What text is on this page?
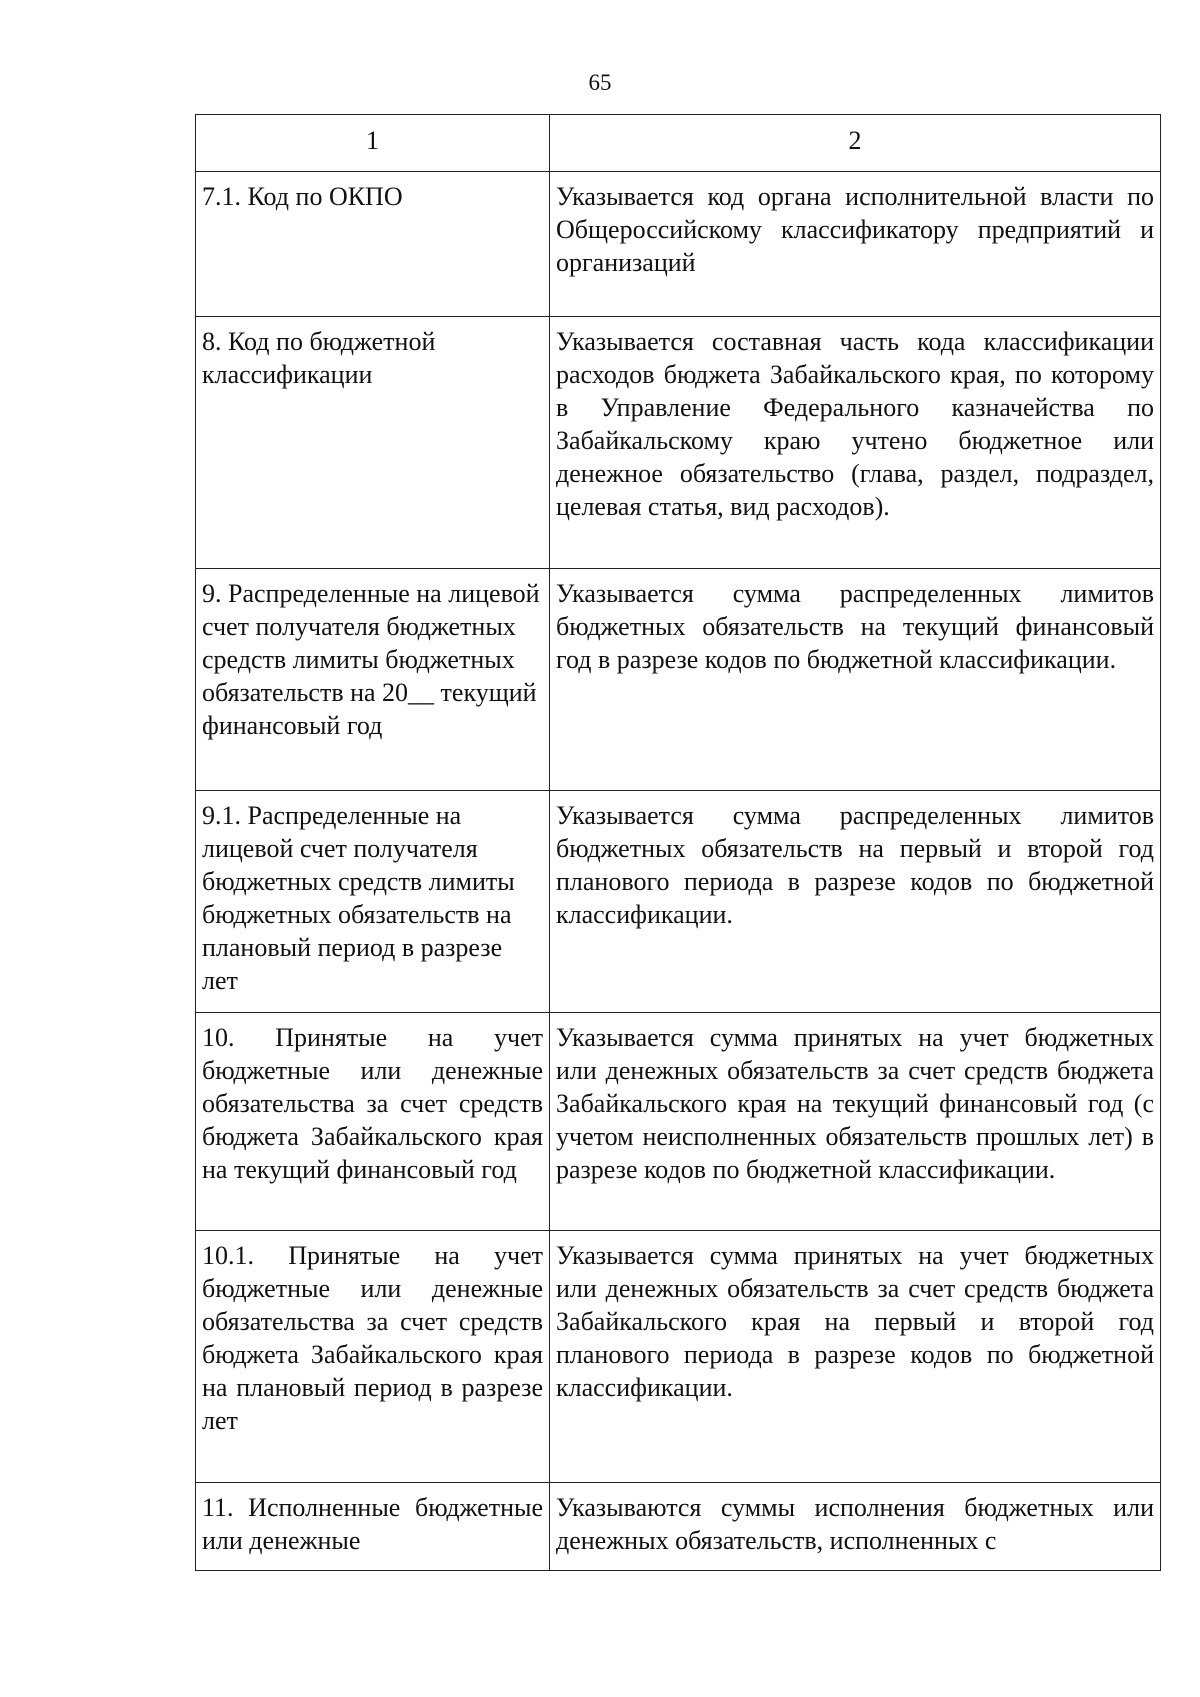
65
1	2
7.1. Код по ОКПО	Указывается код органа исполнительной власти по Общероссийскому классификатору предприятий и организаций
8. Код по бюджетной классификации	Указывается составная часть кода классификации расходов бюджета Забайкальского края, по которому в Управление Федерального казначейства по Забайкальскому краю учтено бюджетное или денежное обязательство (глава, раздел, подраздел, целевая статья, вид расходов).
9. Распределенные на лицевой счет получателя бюджетных средств лимиты бюджетных обязательств на 20__ текущий финансовый год	Указывается сумма распределенных лимитов бюджетных обязательств на текущий финансовый год в разрезе кодов по бюджетной классификации.
9.1. Распределенные на лицевой счет получателя бюджетных средств лимиты бюджетных обязательств на плановый период в разрезе лет	Указывается сумма распределенных лимитов бюджетных обязательств на первый и второй год планового периода в разрезе кодов по бюджетной классификации.
10. Принятые на учет бюджетные или денежные обязательства за счет средств бюджета Забайкальского края на текущий финансовый год	Указывается сумма принятых на учет бюджетных или денежных обязательств за счет средств бюджета Забайкальского края на текущий финансовый год (с учетом неисполненных обязательств прошлых лет) в разрезе кодов по бюджетной классификации.
10.1. Принятые на учет бюджетные или денежные обязательства за счет средств бюджета Забайкальского края на плановый период в разрезе лет	Указывается сумма принятых на учет бюджетных или денежных обязательств за счет средств бюджета Забайкальского края на первый и второй год планового периода в разрезе кодов по бюджетной классификации.
11. Исполненные бюджетные или денежные	Указываются суммы исполнения бюджетных или денежных обязательств, исполненных с
